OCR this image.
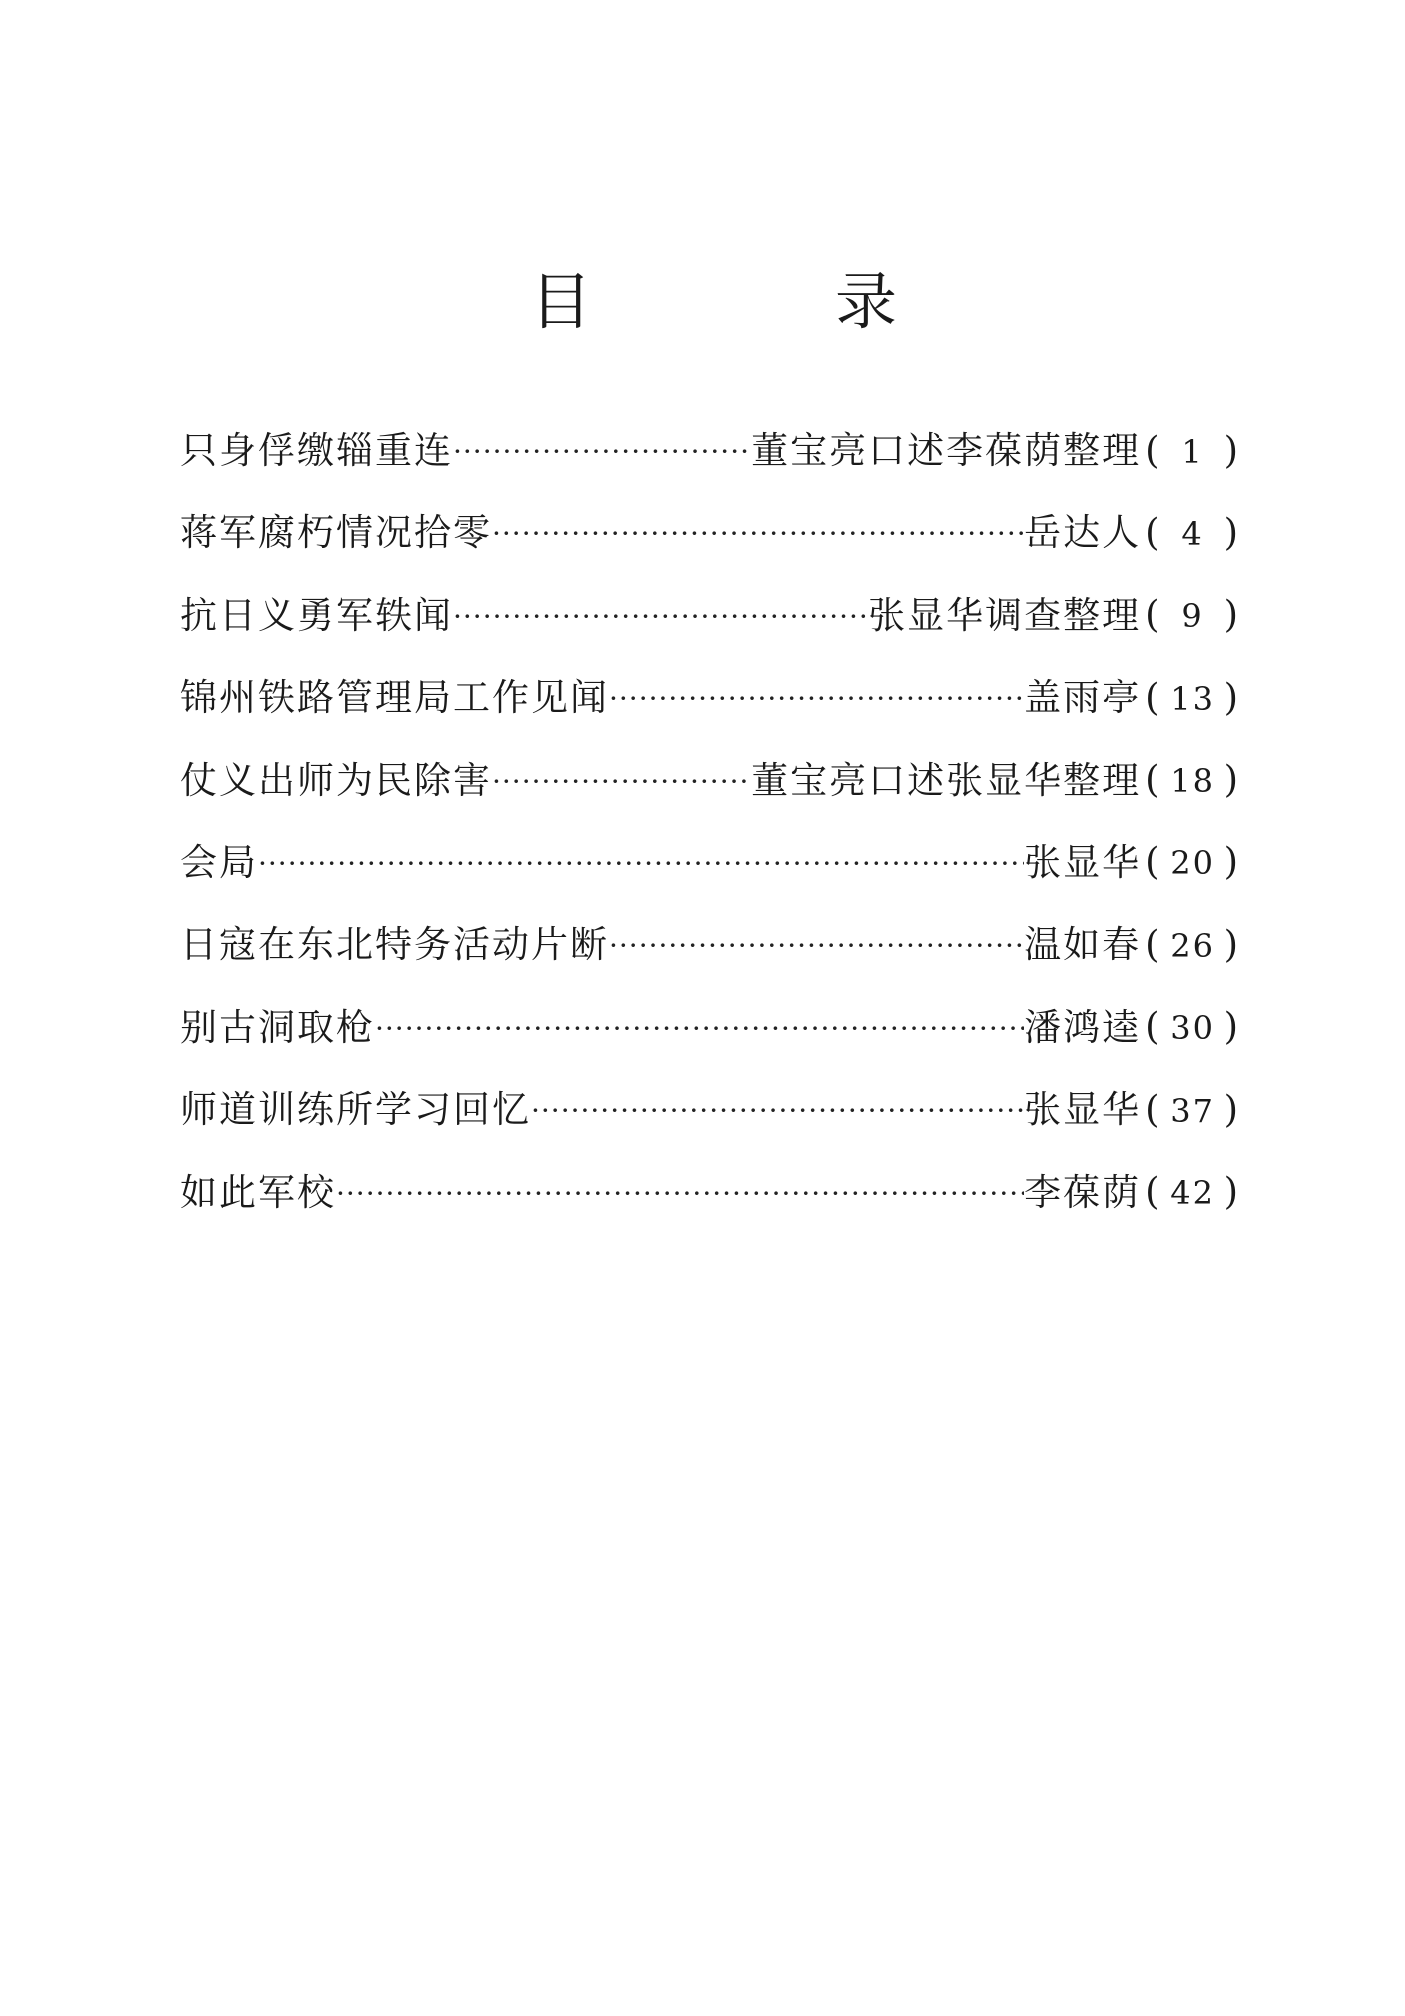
目	录
只身俘缴辎重连 ·····	董宝亮口述李葆荫整理 ( 1 )
蒋军腐朽情况拾零 ·····	岳达人 ( 4 )
抗日义勇军轶闻 ·····	张显华调查整理 ( 9 )
锦州铁路管理局工作见闻 ·····	盖雨亭 ( 13 )
仗义出师为民除害 ·····	董宝亮口述张显华整理 ( 18 )
会局 ·····	张显华 ( 20 )
日寇在东北特务活动片断 ·····	温如春 ( 26 )
别古洞取枪 ·····	潘鸿逵 ( 30 )
师道训练所学习回忆 ·····	张显华 ( 37 )
如此军校 ·····	李葆荫 ( 42 )
